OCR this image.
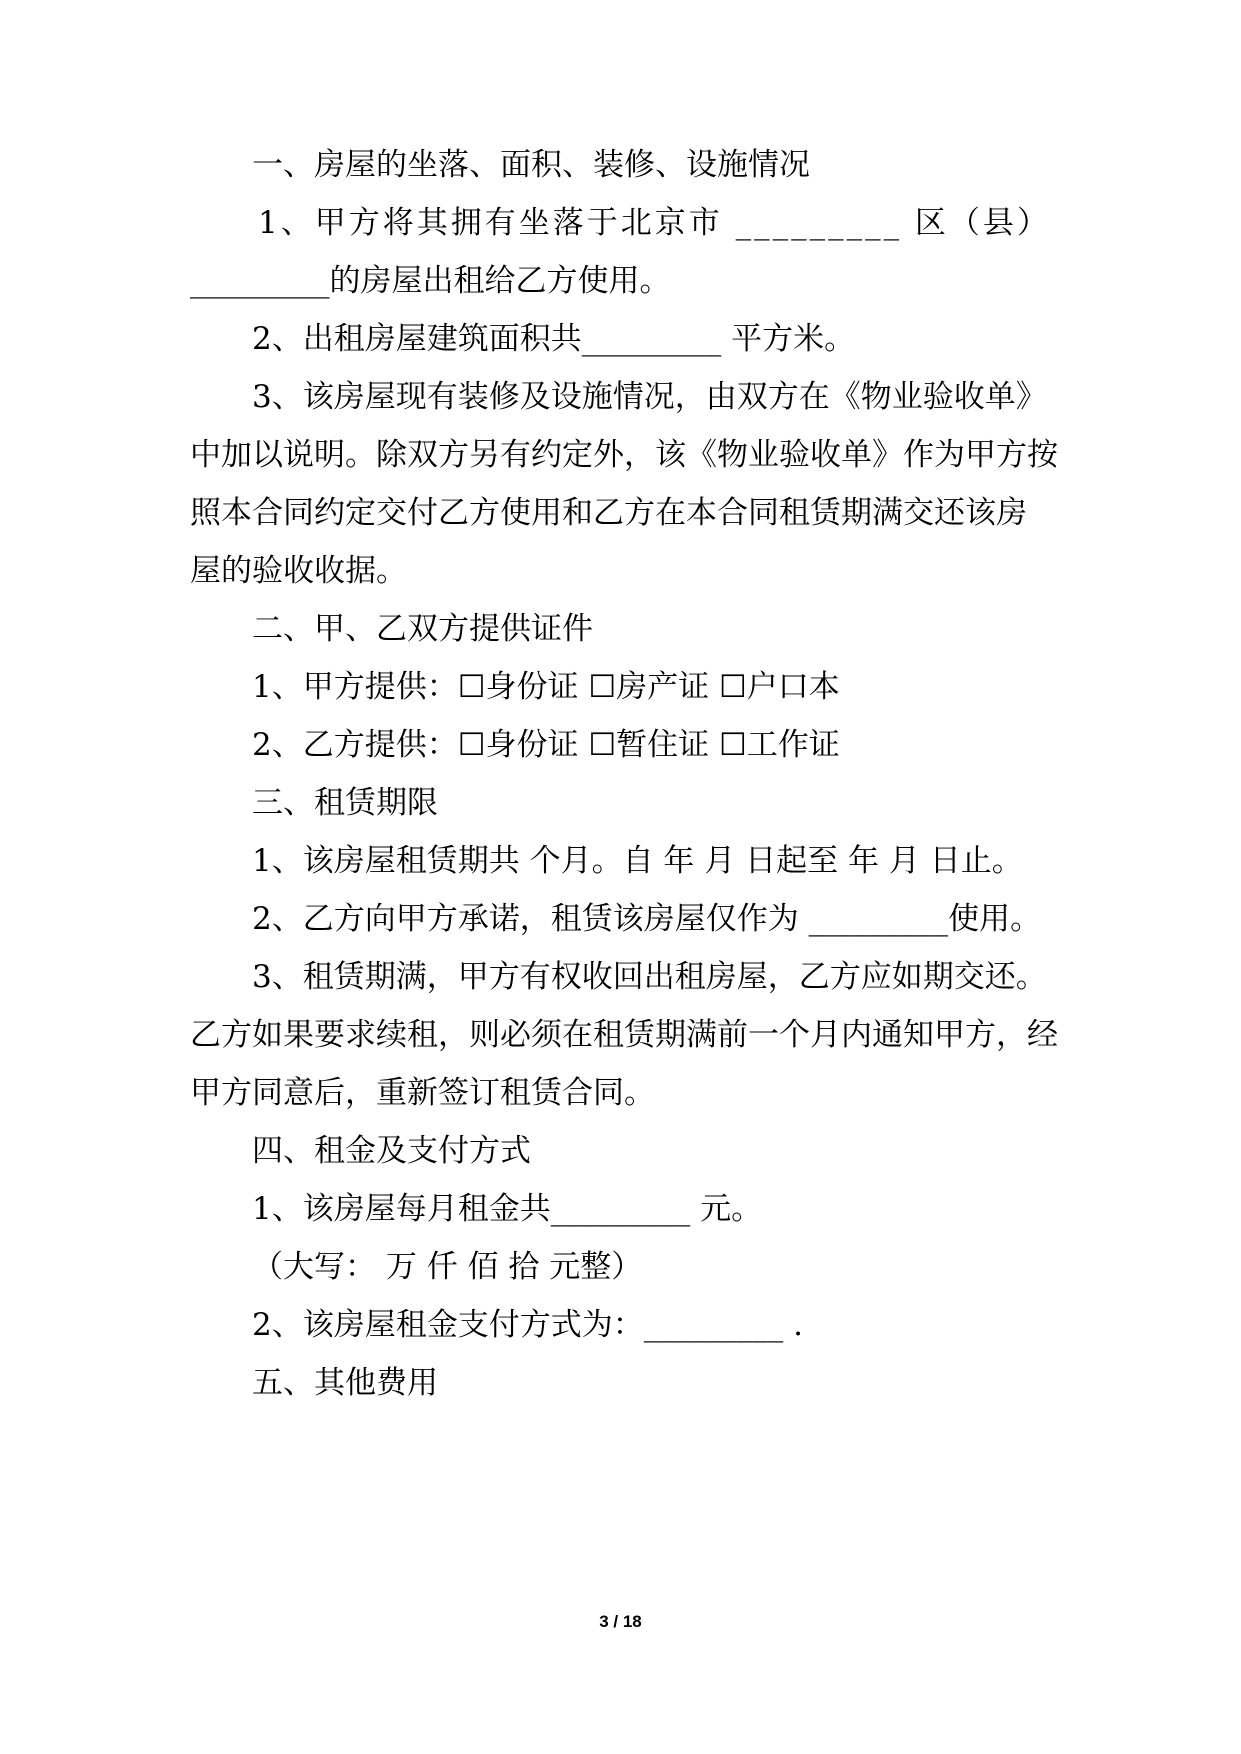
一、房屋的坐落、面积、装修、设施情况
1、甲方将其拥有坐落于北京市 _________ 区（县）
_________的房屋出租给乙方使用。
2、出租房屋建筑面积共_________ 平方米。
3、该房屋现有装修及设施情况，由双方在《物业验收单》
中加以说明。除双方另有约定外，该《物业验收单》作为甲方按
照本合同约定交付乙方使用和乙方在本合同租赁期满交还该房
屋的验收收据。
二、甲、乙双方提供证件
1、甲方提供：☐身份证 ☐房产证 ☐户口本
2、乙方提供：☐身份证 ☐暂住证 ☐工作证
三、租赁期限
1、该房屋租赁期共 个月。自 年 月 日起至 年 月 日止。
2、乙方向甲方承诺，租赁该房屋仅作为 _________使用。
3、租赁期满，甲方有权收回出租房屋，乙方应如期交还。
乙方如果要求续租，则必须在租赁期满前一个月内通知甲方，经
甲方同意后，重新签订租赁合同。
四、租金及支付方式
1、该房屋每月租金共_________ 元。
（大写： 万 仟 佰 拾 元整）
2、该房屋租金支付方式为：_________ .
五、其他费用
3 / 18
